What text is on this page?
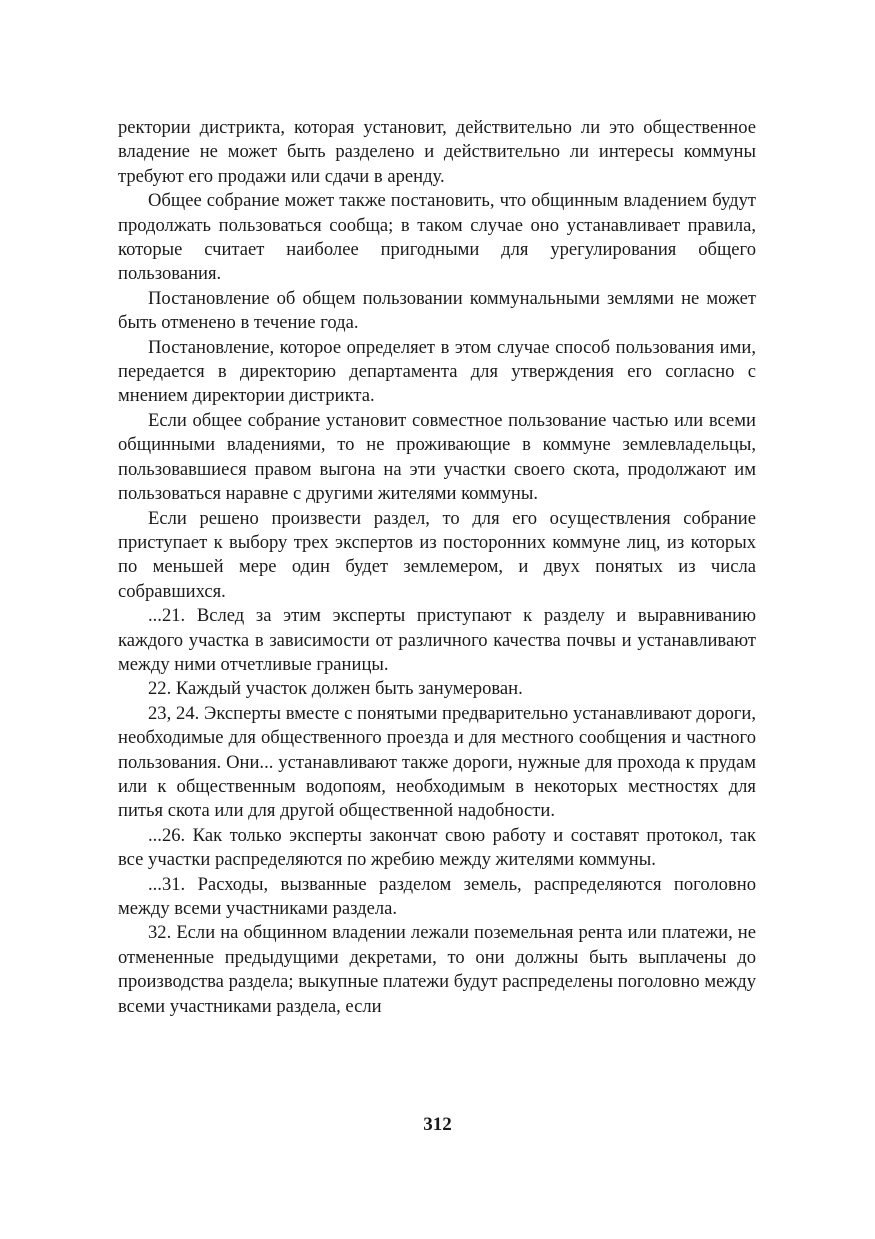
ректории дистрикта, которая установит, действительно ли это общественное владение не может быть разделено и действительно ли интересы коммуны требуют его продажи или сдачи в аренду.

Общее собрание может также постановить, что общинным владением будут продолжать пользоваться сообща; в таком случае оно устанавливает правила, которые считает наиболее пригодными для урегулирования общего пользования.

Постановление об общем пользовании коммунальными землями не может быть отменено в течение года.

Постановление, которое определяет в этом случае способ пользования ими, передается в директорию департамента для утверждения его согласно с мнением директории дистрикта.

Если общее собрание установит совместное пользование частью или всеми общинными владениями, то не проживающие в коммуне землевладельцы, пользовавшиеся правом выгона на эти участки своего скота, продолжают им пользоваться наравне с другими жителями коммуны.

Если решено произвести раздел, то для его осуществления собрание приступает к выбору трех экспертов из посторонних коммуне лиц, из которых по меньшей мере один будет землемером, и двух понятых из числа собравшихся.

...21. Вслед за этим эксперты приступают к разделу и выравниванию каждого участка в зависимости от различного качества почвы и устанавливают между ними отчетливые границы.

22. Каждый участок должен быть занумерован.

23, 24. Эксперты вместе с понятыми предварительно устанавливают дороги, необходимые для общественного проезда и для местного сообщения и частного пользования. Они... устанавливают также дороги, нужные для прохода к прудам или к общественным водопоям, необходимым в некоторых местностях для питья скота или для другой общественной надобности.

...26. Как только эксперты закончат свою работу и составят протокол, так все участки распределяются по жребию между жителями коммуны.

...31. Расходы, вызванные разделом земель, распределяются поголовно между всеми участниками раздела.

32. Если на общинном владении лежали поземельная рента или платежи, не отмененные предыдущими декретами, то они должны быть выплачены до производства раздела; выкупные платежи будут распределены поголовно между всеми участниками раздела, если

312
